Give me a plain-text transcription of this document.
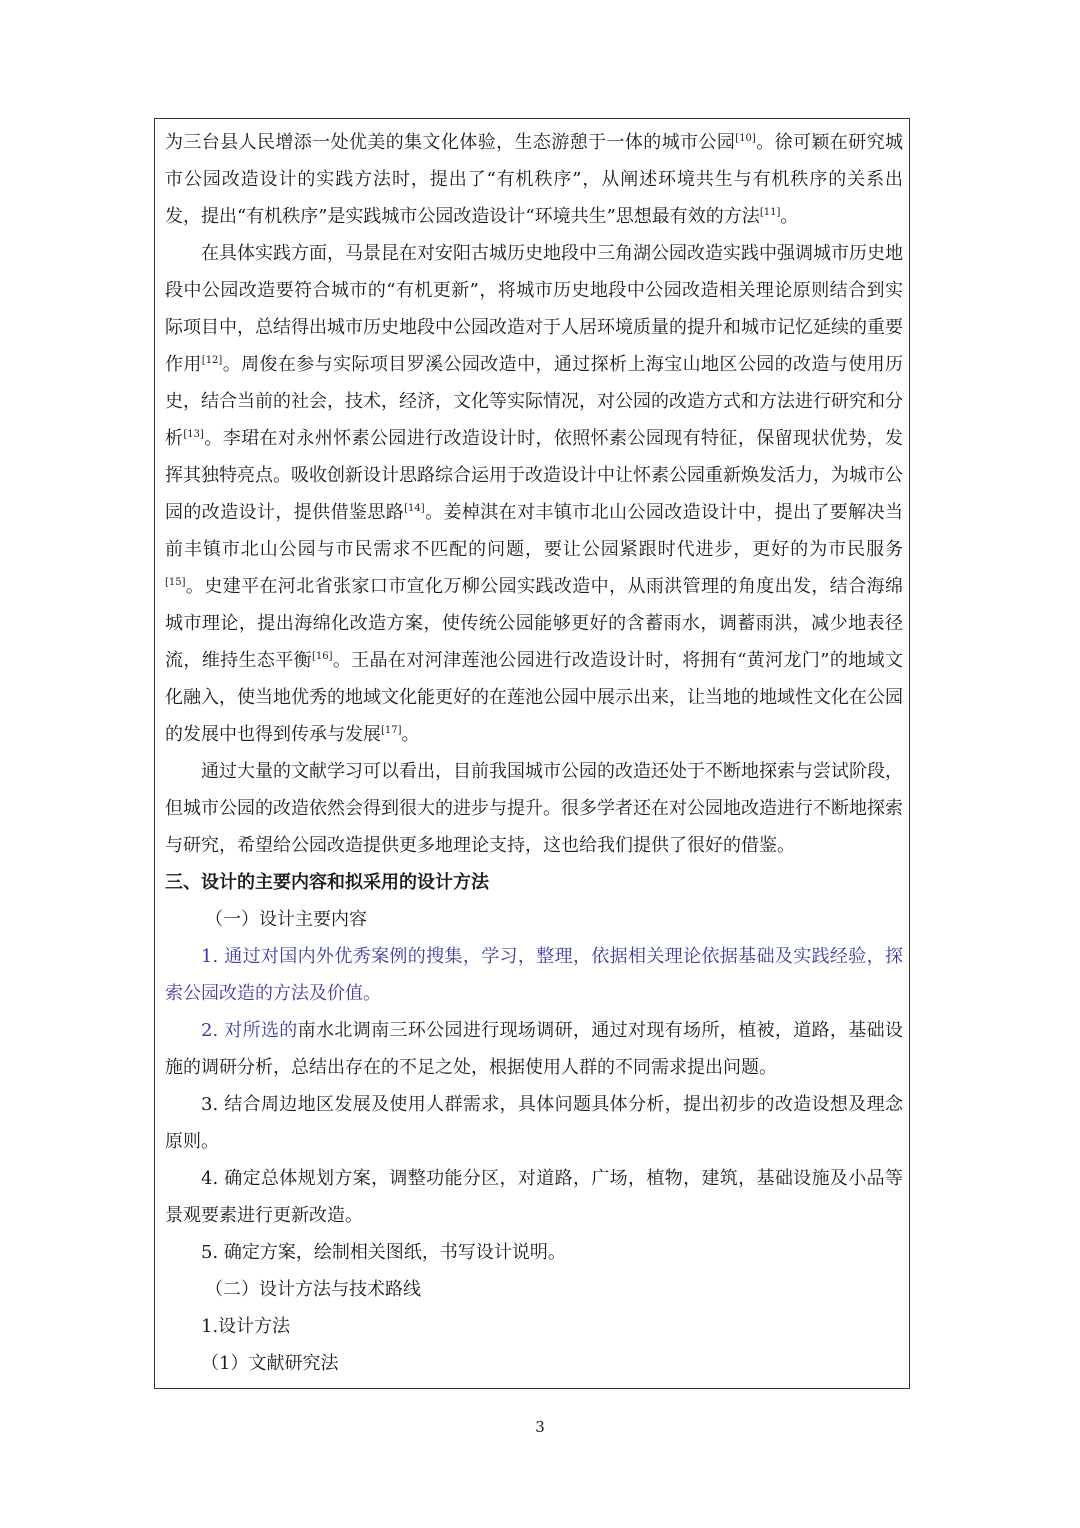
为三台县人民增添一处优美的集文化体验，生态游憩于一体的城市公园[10]。徐可颖在研究城市公园改造设计的实践方法时，提出了“有机秩序”，从阐述环境共生与有机秩序的关系出发，提出“有机秩序”是实践城市公园改造设计“环境共生”思想最有效的方法[11]。

在具体实践方面，马景昆在对安阳古城历史地段中三角湖公园改造实践中强调城市历史地段中公园改造要符合城市的“有机更新”，将城市历史地段中公园改造相关理论原则结合到实际项目中，总结得出城市历史地段中公园改造对于人居环境质量的提升和城市记忆延续的重要作用[12]。周俊在参与实际项目罗溪公园改造中，通过探析上海宝山地区公园的改造与使用历史，结合当前的社会，技术，经济，文化等实际情况，对公园的改造方式和方法进行研究和分析[13]。李珺在对永州怀素公园进行改造设计时，依照怀素公园现有特征，保留现状优势，发挥其独特亮点。吸收创新设计思路综合运用于改造设计中让怀素公园重新焕发活力，为城市公园的改造设计，提供借鉴思路[14]。姜棹淇在对丰镇市北山公园改造设计中，提出了要解决当前丰镇市北山公园与市民需求不匹配的问题，要让公园紧跟时代进步，更好的为市民服务[15]。史建平在河北省张家口市宣化万柳公园实践改造中，从雨洪管理的角度出发，结合海绵城市理论，提出海绵化改造方案，使传统公园能够更好的含蓄雨水，调蓄雨洪，减少地表径流，维持生态平衡[16]。王晶在对河津莲池公园进行改造设计时，将拥有“黄河龙门”的地域文化融入，使当地优秀的地域文化能更好的在莲池公园中展示出来，让当地的地域性文化在公园的发展中也得到传承与发展[17]。

通过大量的文献学习可以看出，目前我国城市公园的改造还处于不断地探索与尝试阶段，但城市公园的改造依然会得到很大的进步与提升。很多学者还在对公园地改造进行不断地探索与研究，希望给公园改造提供更多地理论支持，这也给我们提供了很好的借鉴。

三、设计的主要内容和拟采用的设计方法

（一）设计主要内容

1. 通过对国内外优秀案例的搜集，学习，整理，依据相关理论依据基础及实践经验，探索公园改造的方法及价值。

2. 对所选的南水北调南三环公园进行现场调研，通过对现有场所，植被，道路，基础设施的调研分析，总结出存在的不足之处，根据使用人群的不同需求提出问题。

3. 结合周边地区发展及使用人群需求，具体问题具体分析，提出初步的改造设想及理念原则。

4. 确定总体规划方案，调整功能分区，对道路，广场，植物，建筑，基础设施及小品等景观要素进行更新改造。

5. 确定方案，绘制相关图纸，书写设计说明。

（二）设计方法与技术路线

1.设计方法

（1）文献研究法

3
